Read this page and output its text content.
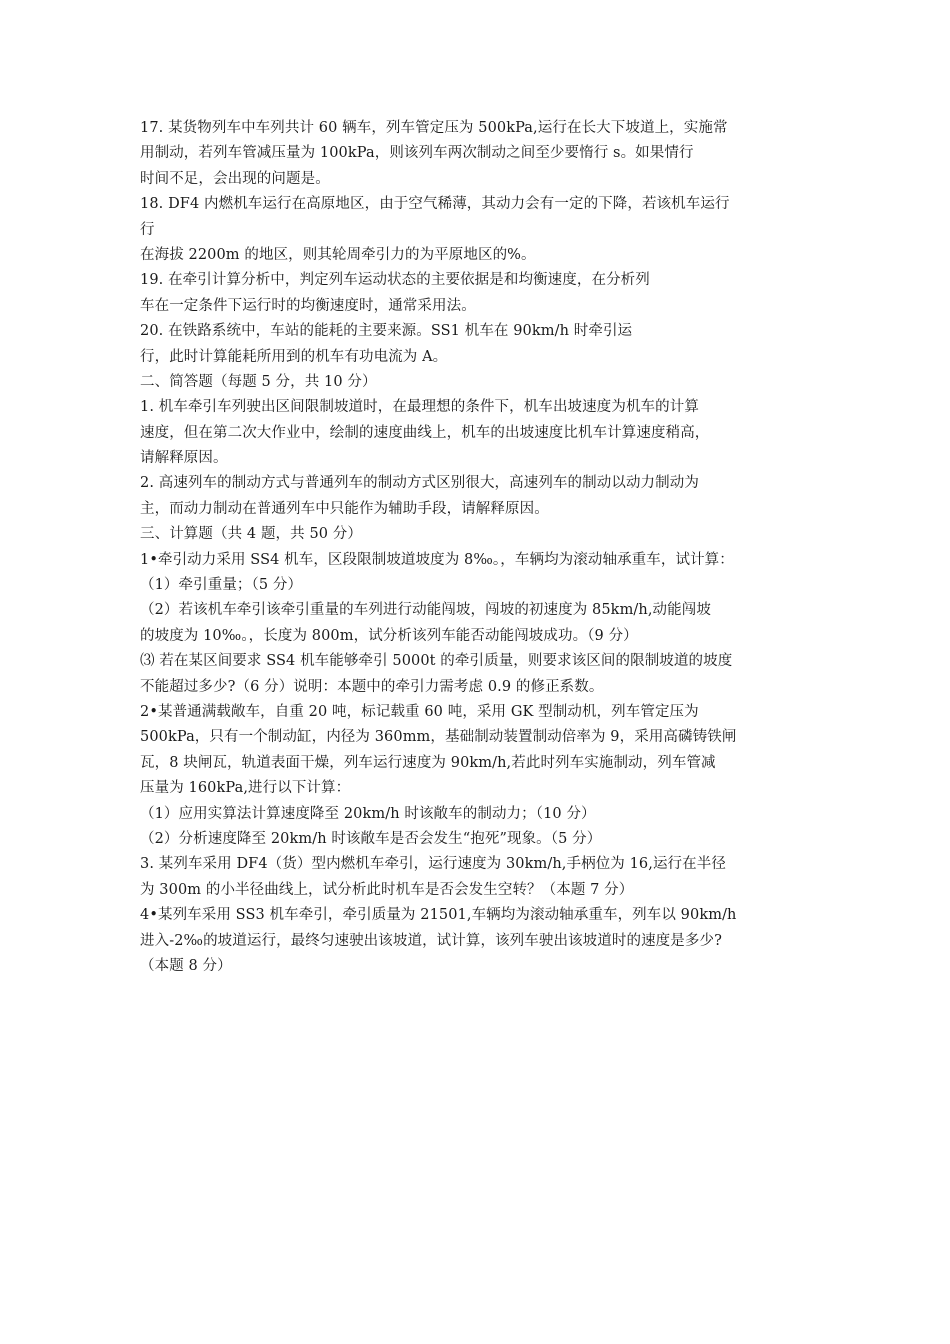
17. 某货物列车中车列共计 60 辆车，列车管定压为 500kPa,运行在长大下坡道上，实施常
用制动，若列车管减压量为 100kPa，则该列车两次制动之间至少要惰行 s。如果情行
时间不足，会出现的问题是。
18. DF4 内燃机车运行在高原地区，由于空气稀薄，其动力会有一定的下降，若该机车运行
行
在海拔 2200m 的地区，则其轮周牵引力的为平原地区的%。
19. 在牵引计算分析中，判定列车运动状态的主要依据是和均衡速度，在分析列
车在一定条件下运行时的均衡速度时，通常采用法。
20. 在铁路系统中，车站的能耗的主要来源。SS1 机车在 90km/h 时牵引运
行，此时计算能耗所用到的机车有功电流为 A。
二、简答题（每题 5 分，共 10 分）
1. 机车牵引车列驶出区间限制坡道时，在最理想的条件下，机车出坡速度为机车的计算
速度，但在第二次大作业中，绘制的速度曲线上，机车的出坡速度比机车计算速度稍高，
请解释原因。
2. 高速列车的制动方式与普通列车的制动方式区别很大，高速列车的制动以动力制动为
主，而动力制动在普通列车中只能作为辅助手段，请解释原因。
三、计算题（共 4 题，共 50 分）
1•牵引动力采用 SS4 机车，区段限制坡道坡度为 8‰。，车辆均为滚动轴承重车，试计算：
（1）牵引重量；（5 分）
（2）若该机车牵引该牵引重量的车列进行动能闯坡，闯坡的初速度为 85km/h,动能闯坡
的坡度为 10‰。，长度为 800m，试分析该列车能否动能闯坡成功。（9 分）
⑶ 若在某区间要求 SS4 机车能够牵引 5000t 的牵引质量，则要求该区间的限制坡道的坡度
不能超过多少?（6 分）说明：本题中的牵引力需考虑 0.9 的修正系数。
2•某普通满载敞车，自重 20 吨，标记载重 60 吨，采用 GK 型制动机，列车管定压为
500kPa，只有一个制动缸，内径为 360mm，基础制动装置制动倍率为 9，采用高磷铸铁闸
瓦，8 块闸瓦，轨道表面干燥，列车运行速度为 90km/h,若此时列车实施制动，列车管减
压量为 160kPa,进行以下计算：
（1）应用实算法计算速度降至 20km/h 时该敞车的制动力；（10 分）
（2）分析速度降至 20km/h 时该敞车是否会发生“抱死”现象。（5 分）
3. 某列车采用 DF4（货）型内燃机车牵引，运行速度为 30km/h,手柄位为 16,运行在半径
为 300m 的小半径曲线上，试分析此时机车是否会发生空转？（本题 7 分）
4•某列车采用 SS3 机车牵引，牵引质量为 21501,车辆均为滚动轴承重车，列车以 90km/h
进入-2‰的坡道运行，最终匀速驶出该坡道，试计算，该列车驶出该坡道时的速度是多少?
（本题 8 分）
